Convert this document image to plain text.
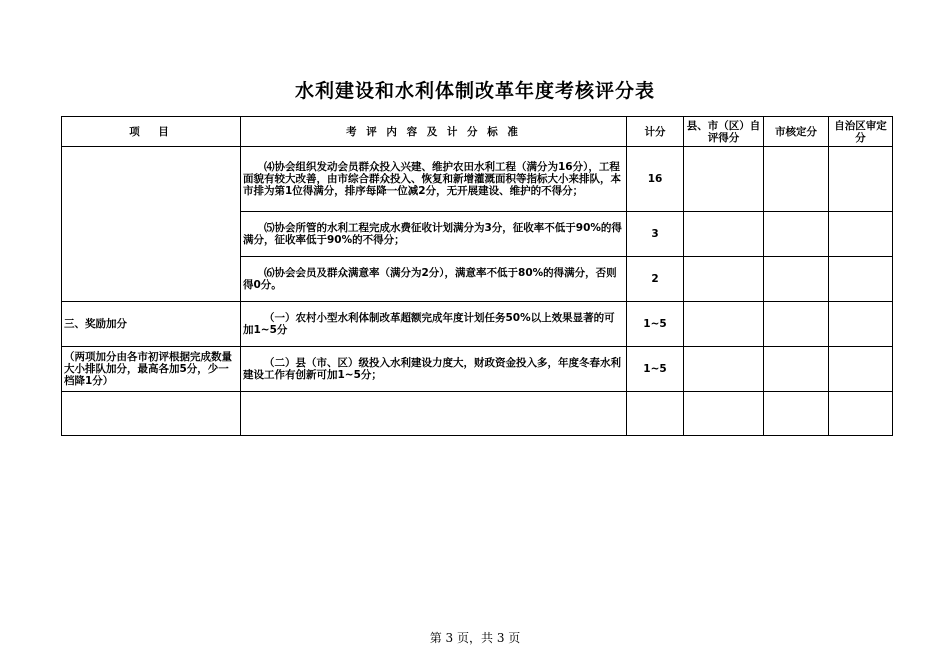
水利建设和水利体制改革年度考核评分表
项　目	考 评 内 容 及 计 分 标 准	计分	县、市（区）自评得分	市核定分	自治区审定分
	⑷协会组织发动会员群众投入兴建、维护农田水利工程（满分为16分），工程面貌有较大改善，由市综合群众投入、恢复和新增灌溉面积等指标大小来排队，本市排为第1位得满分，排序每降一位减2分，无开展建设、维护的不得分；	16			
	⑸协会所管的水利工程完成水费征收计划满分为3分，征收率不低于90%的得满分，征收率低于90%的不得分；	3			
	⑹协会会员及群众满意率（满分为2分），满意率不低于80%的得满分，否则得0分。	2			
三、奖励加分	（一）农村小型水利体制改革超额完成年度计划任务50%以上效果显著的可加1~5分	1~5			
（两项加分由各市初评根据完成数量大小排队加分，最高各加5分，少一档降1分）	（二）县（市、区）级投入水利建设力度大，财政资金投入多，年度冬春水利建设工作有创新可加1~5分；	1~5			

第 3 页，共 3 页
